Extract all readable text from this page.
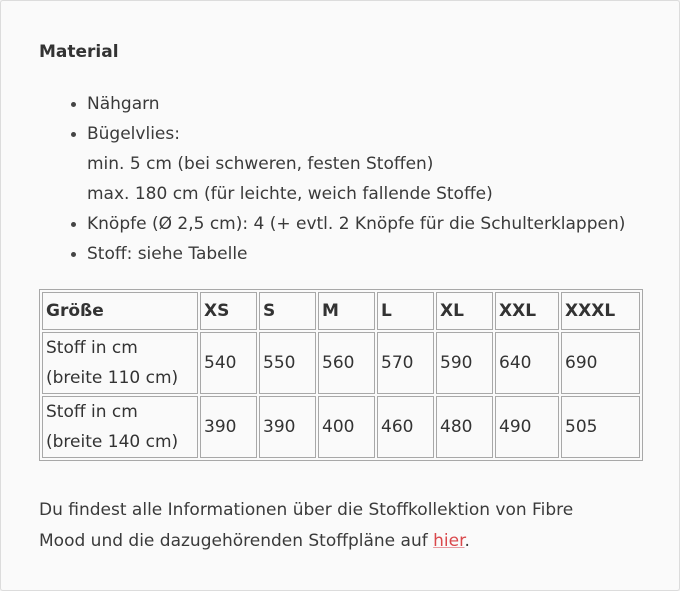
Material
Nähgarn
Bügelvlies:
min. 5 cm (bei schweren, festen Stoffen)
max. 180 cm (für leichte, weich fallende Stoffe)
Knöpfe (Ø 2,5 cm): 4 (+ evtl. 2 Knöpfe für die Schulterklappen)
Stoff: siehe Tabelle
Größe	XS	S	M	L	XL	XXL	XXXL
Stoff in cm
(breite 110 cm)	540	550	560	570	590	640	690
Stoff in cm
(breite 140 cm)	390	390	400	460	480	490	505
Du findest alle Informationen über die Stoffkollektion von Fibre
Mood und die dazugehörenden Stoffpläne auf hier.
